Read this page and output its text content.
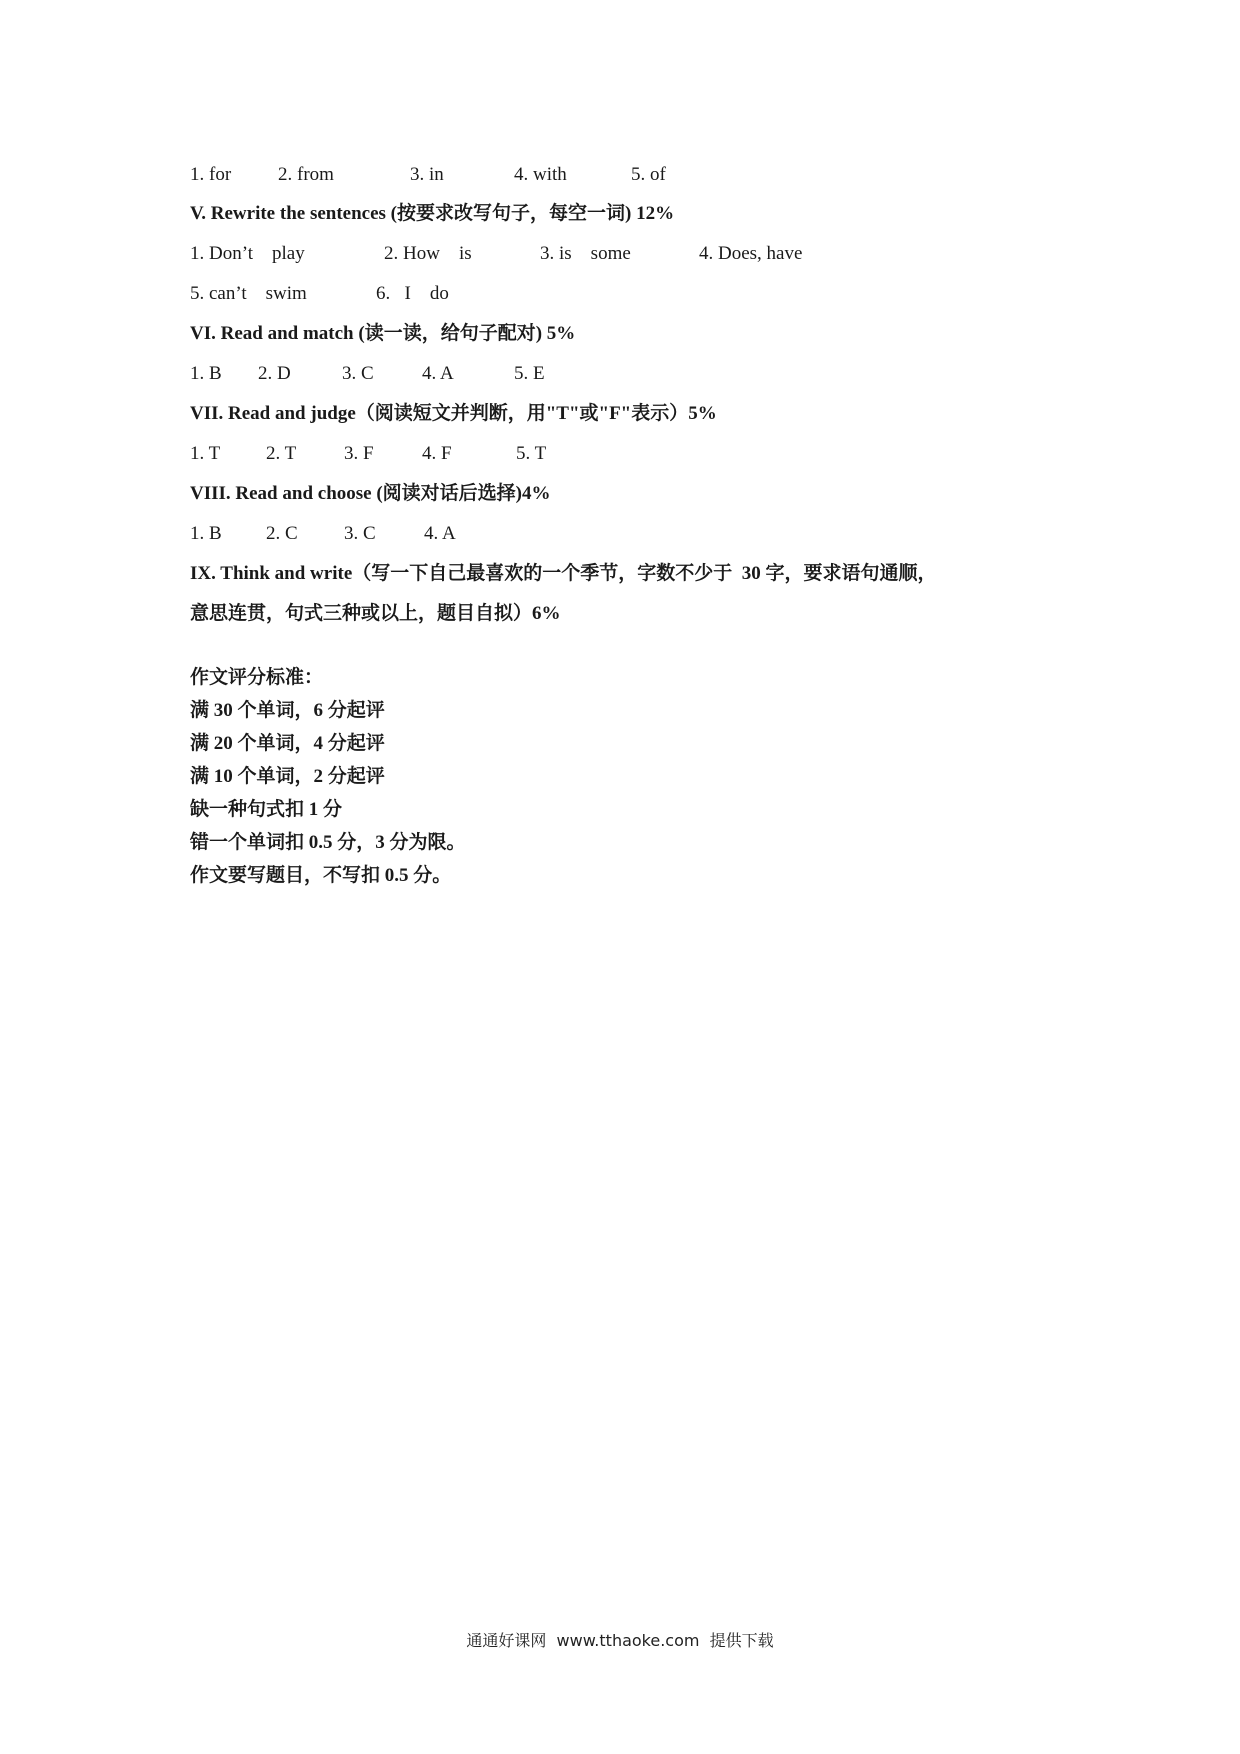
1. for 2. from	3. in	4. with	5. of
V. Rewrite the sentences (按要求改写句子，每空一词) 12%
1. Don’t    play	2. How    is	3. is    some	4. Does, have
5. can’t    swim	6.   I    do
VI. Read and match (读一读，给句子配对) 5%
1. B 2. D	3. C	4. A	5. E
VII. Read and judge（阅读短文并判断，用"T"或"F"表示）5%
1. T 2. T	3. F	4. F	5. T
VIII. Read and choose (阅读对话后选择)4%
1. B 2. C 3. C	4. A
IX. Think and write（写一下自己最喜欢的一个季节，字数不少于  30 字，要求语句通顺，
意思连贯，句式三种或以上，题目自拟）6%
作文评分标准：
满 30 个单词，6 分起评
满 20 个单词，4 分起评
满 10 个单词，2 分起评
缺一种句式扣 1 分
错一个单词扣 0.5 分，3 分为限。
作文要写题目，不写扣 0.5 分。
通通好课网  www.tthaoke.com  提供下载
